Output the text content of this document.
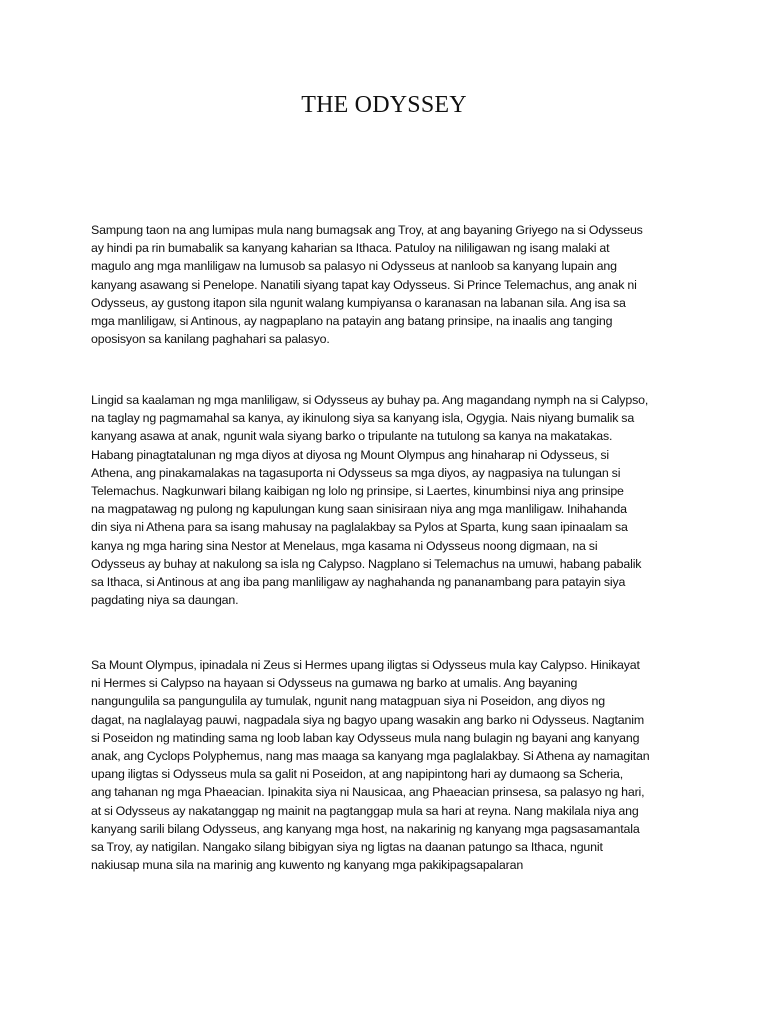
THE ODYSSEY

Sampung taon na ang lumipas mula nang bumagsak ang Troy, at ang bayaning Griyego na si Odysseus
ay hindi pa rin bumabalik sa kanyang kaharian sa Ithaca. Patuloy na nililigawan ng isang malaki at
magulo ang mga manliligaw na lumusob sa palasyo ni Odysseus at nanloob sa kanyang lupain ang
kanyang asawang si Penelope. Nanatili siyang tapat kay Odysseus. Si Prince Telemachus, ang anak ni
Odysseus, ay gustong itapon sila ngunit walang kumpiyansa o karanasan na labanan sila. Ang isa sa
mga manliligaw, si Antinous, ay nagpaplano na patayin ang batang prinsipe, na inaalis ang tanging
oposisyon sa kanilang paghahari sa palasyo.

Lingid sa kaalaman ng mga manliligaw, si Odysseus ay buhay pa. Ang magandang nymph na si Calypso,
na taglay ng pagmamahal sa kanya, ay ikinulong siya sa kanyang isla, Ogygia. Nais niyang bumalik sa
kanyang asawa at anak, ngunit wala siyang barko o tripulante na tutulong sa kanya na makatakas.
Habang pinagtatalunan ng mga diyos at diyosa ng Mount Olympus ang hinaharap ni Odysseus, si
Athena, ang pinakamalakas na tagasuporta ni Odysseus sa mga diyos, ay nagpasiya na tulungan si
Telemachus. Nagkunwari bilang kaibigan ng lolo ng prinsipe, si Laertes, kinumbinsi niya ang prinsipe
na magpatawag ng pulong ng kapulungan kung saan sinisiraan niya ang mga manliligaw. Inihahanda
din siya ni Athena para sa isang mahusay na paglalakbay sa Pylos at Sparta, kung saan ipinaalam sa
kanya ng mga haring sina Nestor at Menelaus, mga kasama ni Odysseus noong digmaan, na si
Odysseus ay buhay at nakulong sa isla ng Calypso. Nagplano si Telemachus na umuwi, habang pabalik
sa Ithaca, si Antinous at ang iba pang manliligaw ay naghahanda ng pananambang para patayin siya
pagdating niya sa daungan.

Sa Mount Olympus, ipinadala ni Zeus si Hermes upang iligtas si Odysseus mula kay Calypso. Hinikayat
ni Hermes si Calypso na hayaan si Odysseus na gumawa ng barko at umalis. Ang bayaning
nangungulila sa pangungulila ay tumulak, ngunit nang matagpuan siya ni Poseidon, ang diyos ng
dagat, na naglalayag pauwi, nagpadala siya ng bagyo upang wasakin ang barko ni Odysseus. Nagtanim
si Poseidon ng matinding sama ng loob laban kay Odysseus mula nang bulagin ng bayani ang kanyang
anak, ang Cyclops Polyphemus, nang mas maaga sa kanyang mga paglalakbay. Si Athena ay namagitan
upang iligtas si Odysseus mula sa galit ni Poseidon, at ang napipintong hari ay dumaong sa Scheria,
ang tahanan ng mga Phaeacian. Ipinakita siya ni Nausicaa, ang Phaeacian prinsesa, sa palasyo ng hari,
at si Odysseus ay nakatanggap ng mainit na pagtanggap mula sa hari at reyna. Nang makilala niya ang
kanyang sarili bilang Odysseus, ang kanyang mga host, na nakarinig ng kanyang mga pagsasamantala
sa Troy, ay natigilan. Nangako silang bibigyan siya ng ligtas na daanan patungo sa Ithaca, ngunit
nakiusap muna sila na marinig ang kuwento ng kanyang mga pakikipagsapalaran
